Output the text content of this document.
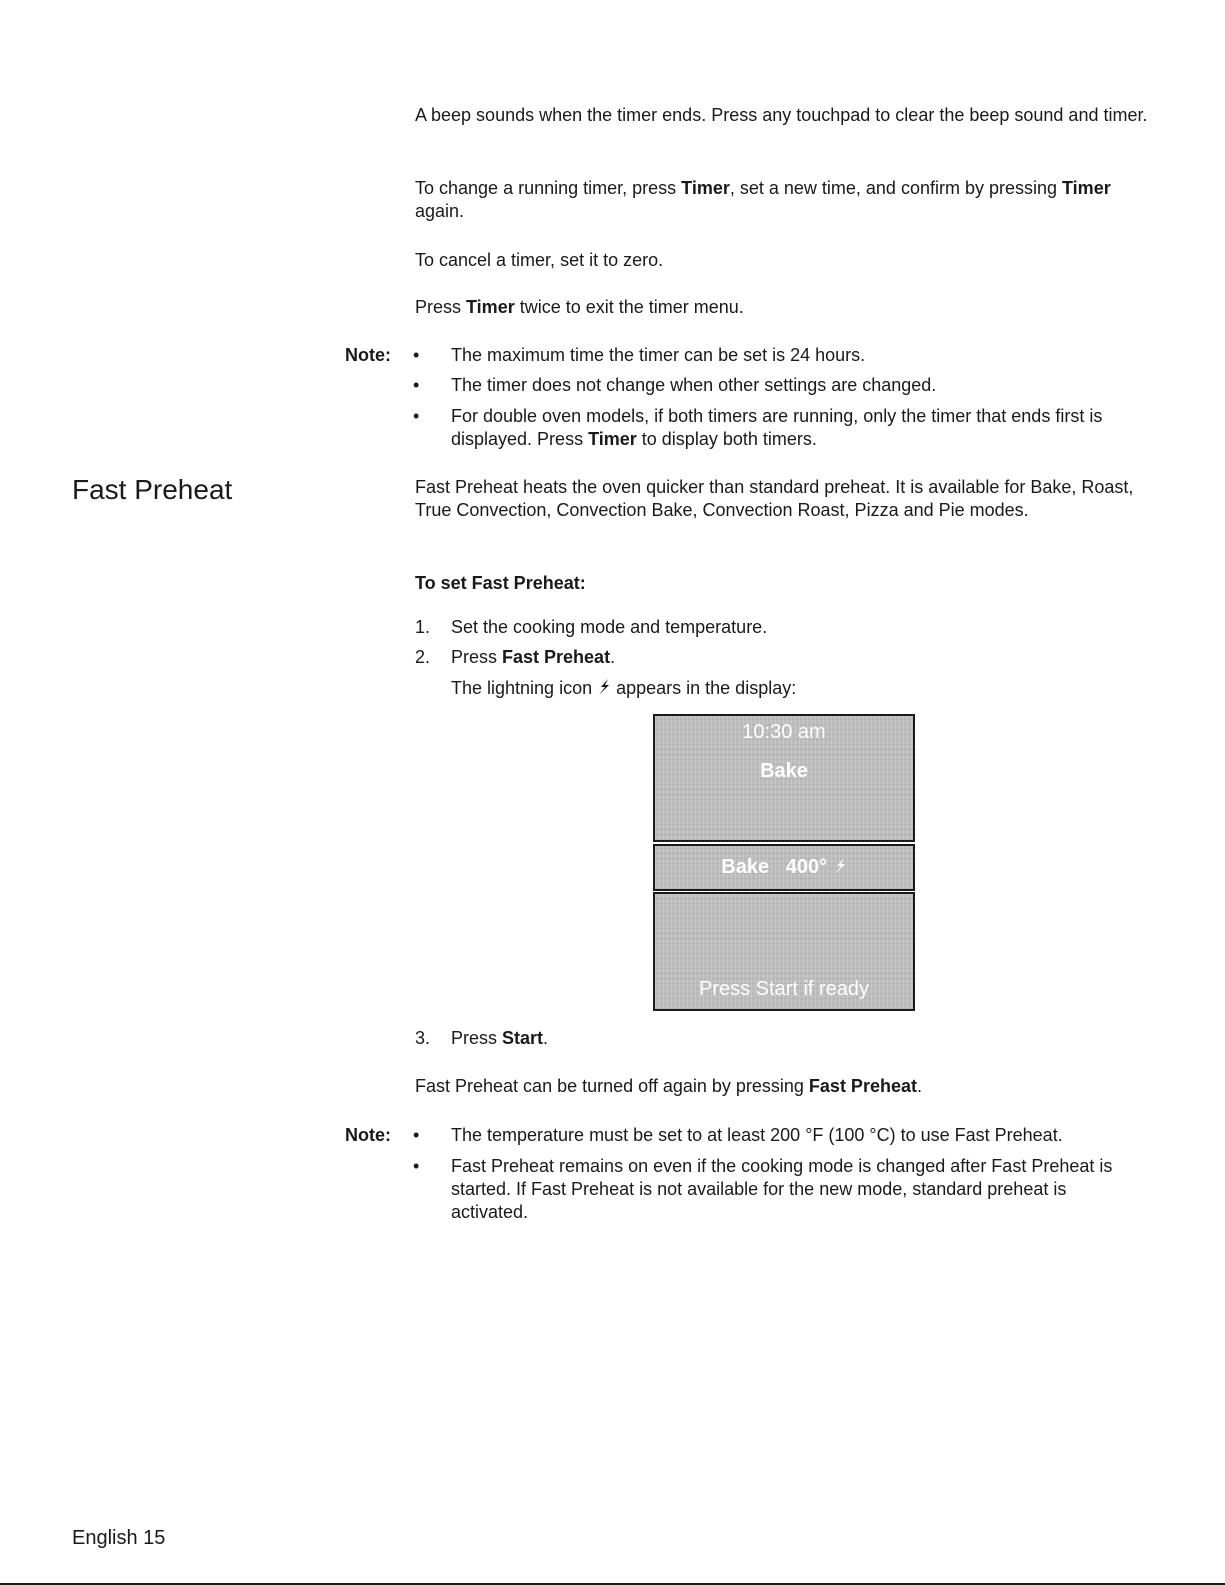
A beep sounds when the timer ends. Press any touchpad to clear the beep sound and timer.

To change a running timer, press Timer, set a new time, and confirm by pressing Timer again.

To cancel a timer, set it to zero.

Press Timer twice to exit the timer menu.

Note: • The maximum time the timer can be set is 24 hours.

• The timer does not change when other settings are changed.

• For double oven models, if both timers are running, only the timer that ends first is displayed. Press Timer to display both timers.

Fast Preheat	Fast Preheat heats the oven quicker than standard preheat. It is available for Bake, Roast, True Convection, Convection Bake, Convection Roast, Pizza and Pie modes.

To set Fast Preheat:

1. Set the cooking mode and temperature.

2. Press Fast Preheat.

The lightning icon  appears in the display:

10:30 am
Bake
Bake   400°
Press Start if ready
3. Press Start.

Fast Preheat can be turned off again by pressing Fast Preheat.

Note: • The temperature must be set to at least 200 °F (100 °C) to use Fast Preheat.

• Fast Preheat remains on even if the cooking mode is changed after Fast Preheat is started. If Fast Preheat is not available for the new mode, standard preheat is activated.

English 15
